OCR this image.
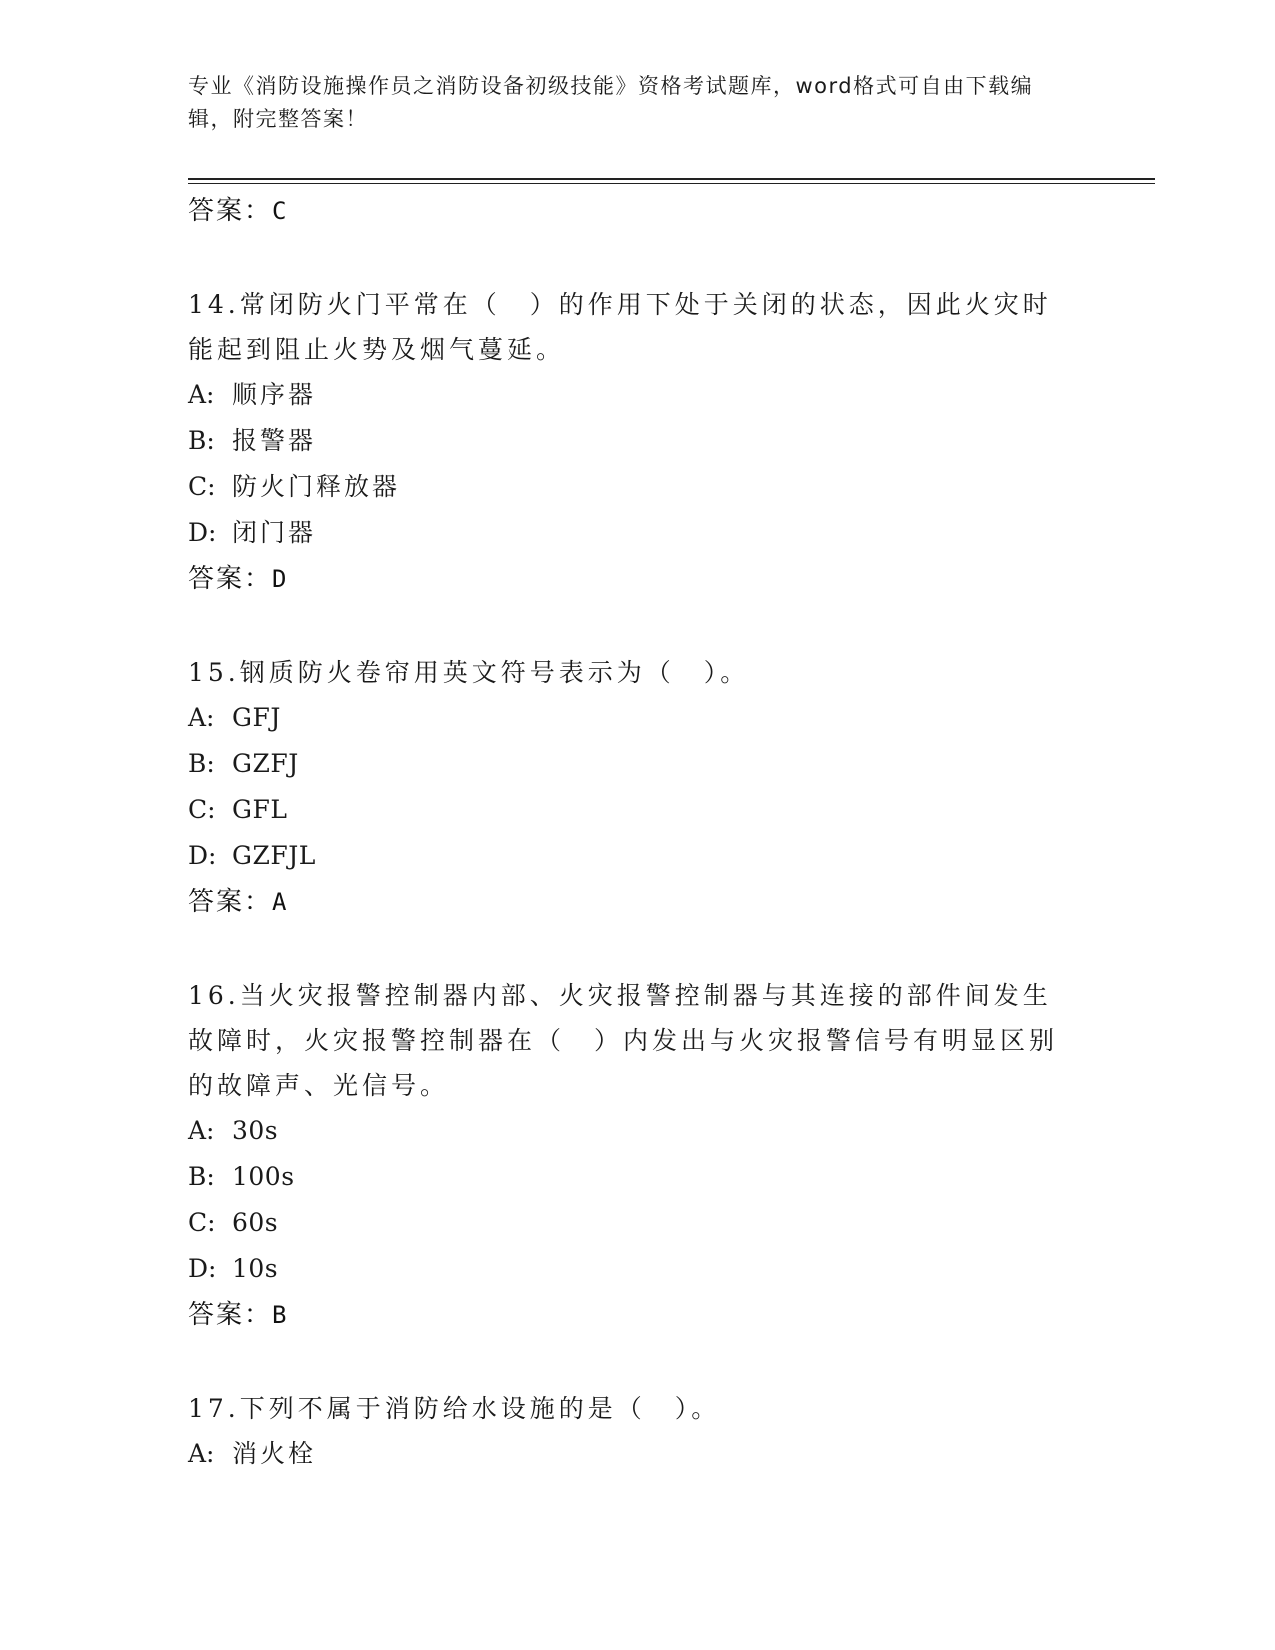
专业《消防设施操作员之消防设备初级技能》资格考试题库，word格式可自由下载编辑，附完整答案！
答案：C
14.常闭防火门平常在（　）的作用下处于关闭的状态，因此火灾时能起到阻止火势及烟气蔓延。
A: 顺序器
B: 报警器
C: 防火门释放器
D: 闭门器
答案：D
15.钢质防火卷帘用英文符号表示为（　）。
A: GFJ
B: GZFJ
C: GFL
D: GZFJL
答案：A
16.当火灾报警控制器内部、火灾报警控制器与其连接的部件间发生故障时，火灾报警控制器在（　）内发出与火灾报警信号有明显区别的故障声、光信号。
A: 30s
B: 100s
C: 60s
D: 10s
答案：B
17.下列不属于消防给水设施的是（　）。
A: 消火栓
